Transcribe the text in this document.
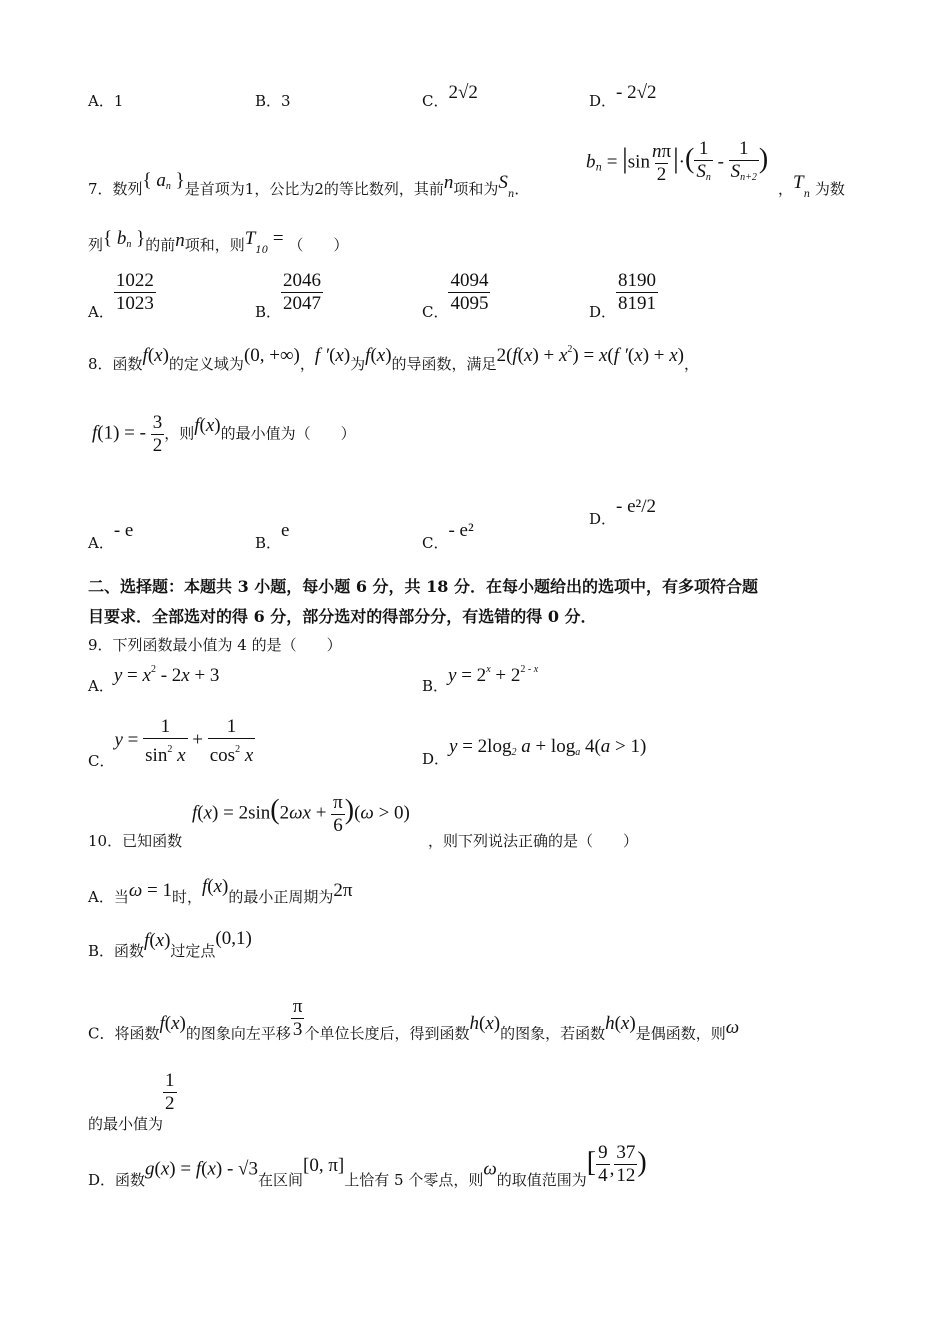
A．1	B．3	C．2√2	D．- 2√2
7．数列{ $a_n$ }是首项为1，公比为2的等比数列，其前n项和为$S_n$．
$b_n = |\sin \frac{n\pi}{2}$ |·( $\frac{1}{S_n} - \frac{1}{S_{n+2}}$ )
，$T_n$ 为数
列{ $b_n$ }的前n项和，则$T_{10}$ = （　　）
A． $\frac{1022}{1023}$	B． $\frac{2046}{2047}$	C． $\frac{4094}{4095}$	D． $\frac{8190}{8191}$
8．函数f(x)的定义域为(0, +∞)，f ′(x)为f(x)的导函数，满足$2(f(x) + x^2) = x(f$ ′(x) + x)，
f(1) = - $\frac{3}{2}$ ，则f(x)的最小值为（　　）
A．- e
B．e
C．- e²
D．- e²/2
二、选择题：本题共 3 小题，每小题 6 分，共 18 分．在每小题给出的选项中，有多项符合题
目要求．全部选对的得 6 分，部分选对的得部分分，有选错的得 0 分．
9．下列函数最小值为 4 的是（　　）
A．$y = x^2 - 2x + 3$	B．$y = 2^x + 2^{2 - x}$
C．$y = \frac{1}{\sin^2 x} + \frac{1}{\cos^2 x}$	D．$y = 2\log_2$ $a + \log_a 4(a > 1)$
10．已知函数
$f(x) = 2\sin(2\omega x + \frac{\pi}{6} )(\omega > 0)$
，则下列说法正确的是（　　）
A．当ω = 1时，f(x)的最小正周期为2π
B．函数f(x)过定点(0,1)
C．将函数f(x)的图象向左平移 $\frac{\pi}{3}$ 个单位长度后，得到函数h(x)的图象，若函数h(x)是偶函数，则ω
的最小值为
$\frac{1}{2}$
D．函数g(x) = f(x) - √3在区间[0, π]上恰有 5 个零点，则ω的取值范围为[ $\frac{9}{4}$ , $\frac{37}{12}$ )
